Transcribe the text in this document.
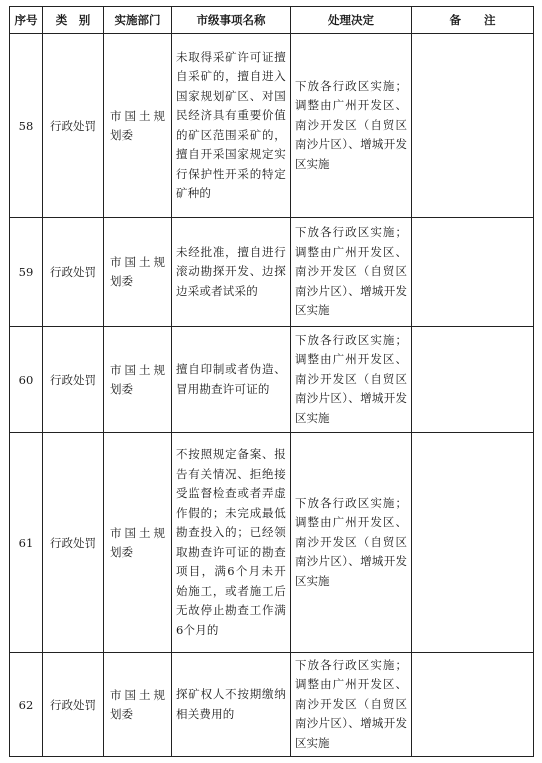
序号	类　别	实施部门	市级事项名称	处理决定	备　　注
58	行政处罚	市国土规划委	未取得采矿许可证擅自采矿的，擅自进入国家规划矿区、对国民经济具有重要价值的矿区范围采矿的，擅自开采国家规定实行保护性开采的特定矿种的	下放各行政区实施；调整由广州开发区、南沙开发区（自贸区南沙片区）、增城开发区实施	
59	行政处罚	市国土规划委	未经批准，擅自进行滚动勘探开发、边探边采或者试采的	下放各行政区实施；调整由广州开发区、南沙开发区（自贸区南沙片区）、增城开发区实施	
60	行政处罚	市国土规划委	擅自印制或者伪造、冒用勘查许可证的	下放各行政区实施；调整由广州开发区、南沙开发区（自贸区南沙片区）、增城开发区实施	
61	行政处罚	市国土规划委	不按照规定备案、报告有关情况、拒绝接受监督检查或者弄虚作假的；未完成最低勘查投入的；已经领取勘查许可证的勘查项目，满6个月未开始施工，或者施工后无故停止勘查工作满6个月的	下放各行政区实施；调整由广州开发区、南沙开发区（自贸区南沙片区）、增城开发区实施	
62	行政处罚	市国土规划委	探矿权人不按期缴纳相关费用的	下放各行政区实施；调整由广州开发区、南沙开发区（自贸区南沙片区）、增城开发区实施	
